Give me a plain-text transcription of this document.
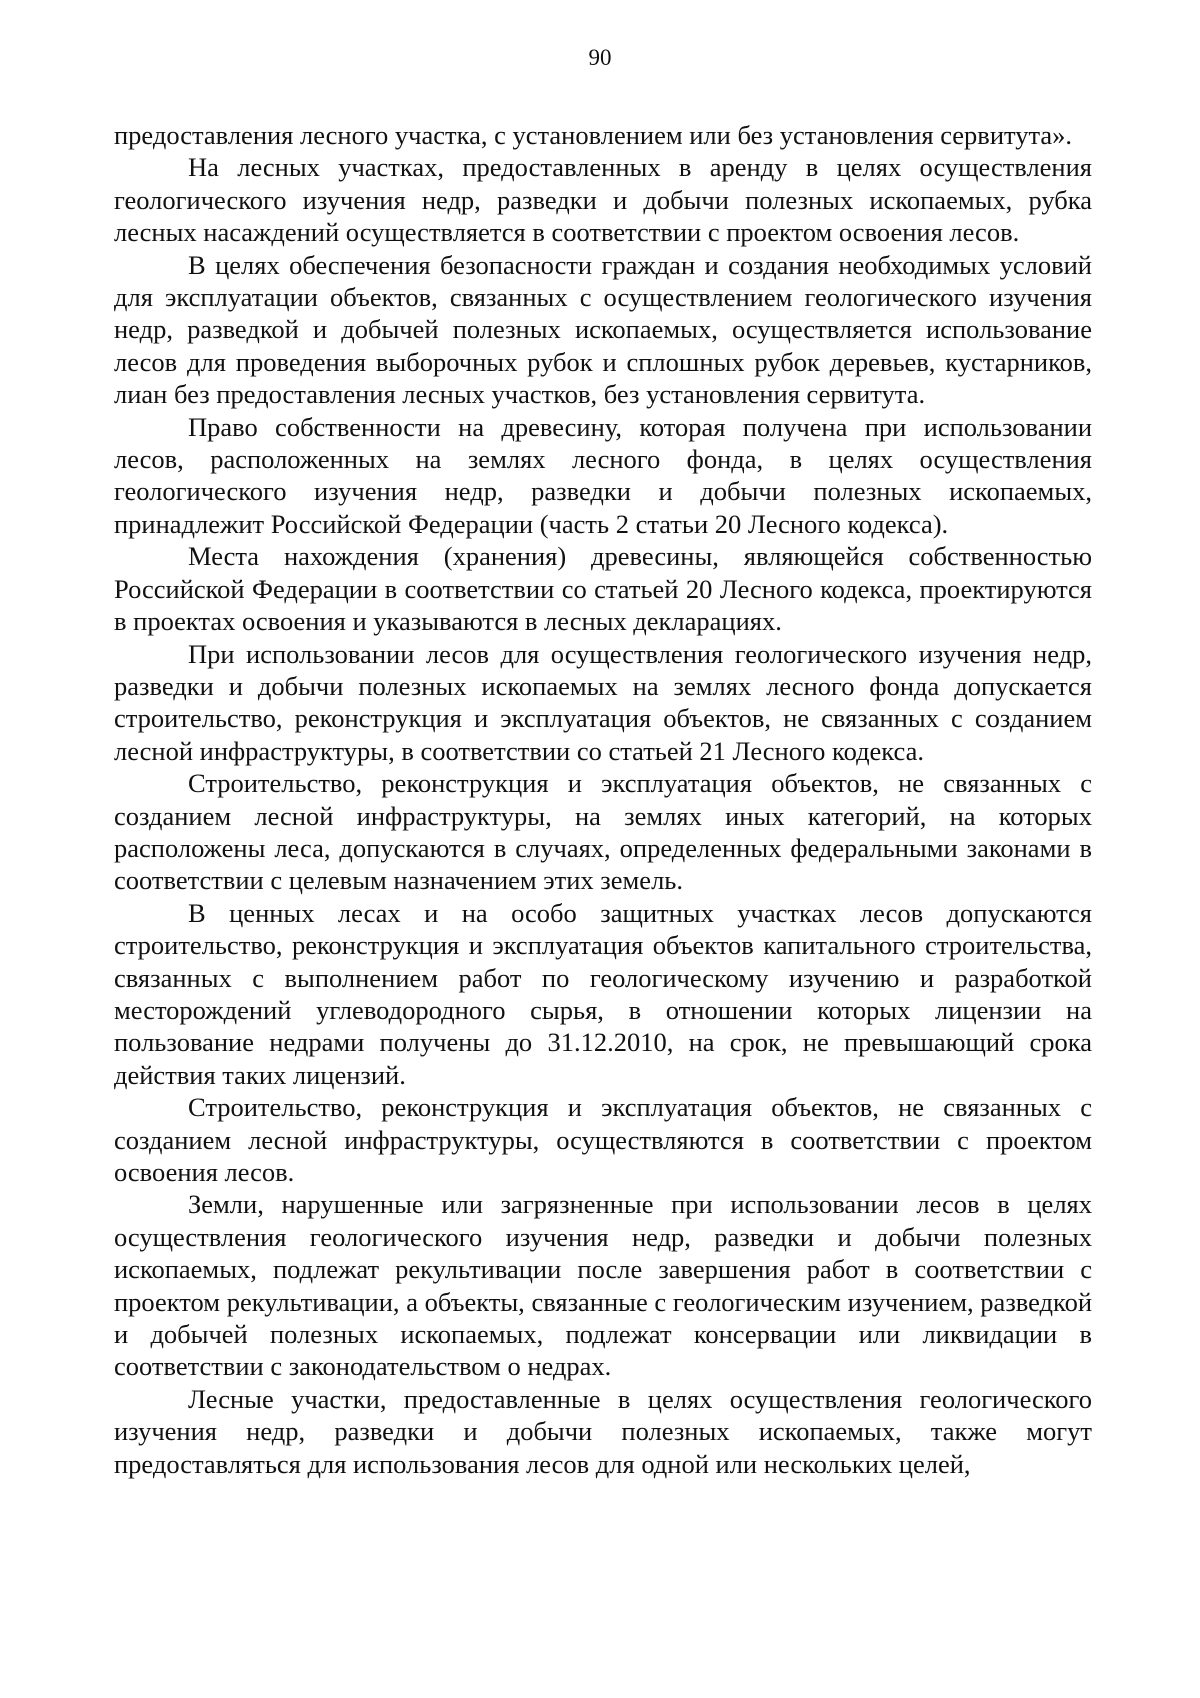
90

предоставления лесного участка, с установлением или без установления сервитута».

На лесных участках, предоставленных в аренду в целях осуществления геологического изучения недр, разведки и добычи полезных ископаемых, рубка лесных насаждений осуществляется в соответствии с проектом освоения лесов.

В целях обеспечения безопасности граждан и создания необходимых условий для эксплуатации объектов, связанных с осуществлением геологического изучения недр, разведкой и добычей полезных ископаемых, осуществляется использование лесов для проведения выборочных рубок и сплошных рубок деревьев, кустарников, лиан без предоставления лесных участков, без установления сервитута.

Право собственности на древесину, которая получена при использовании лесов, расположенных на землях лесного фонда, в целях осуществления геологического изучения недр, разведки и добычи полезных ископаемых, принадлежит Российской Федерации (часть 2 статьи 20 Лесного кодекса).

Места нахождения (хранения) древесины, являющейся собственностью Российской Федерации в соответствии со статьей 20 Лесного кодекса, проектируются в проектах освоения и указываются в лесных декларациях.

При использовании лесов для осуществления геологического изучения недр, разведки и добычи полезных ископаемых на землях лесного фонда допускается строительство, реконструкция и эксплуатация объектов, не связанных с созданием лесной инфраструктуры, в соответствии со статьей 21 Лесного кодекса.

Строительство, реконструкция и эксплуатация объектов, не связанных с созданием лесной инфраструктуры, на землях иных категорий, на которых расположены леса, допускаются в случаях, определенных федеральными законами в соответствии с целевым назначением этих земель.

В ценных лесах и на особо защитных участках лесов допускаются строительство, реконструкция и эксплуатация объектов капитального строительства, связанных с выполнением работ по геологическому изучению и разработкой месторождений углеводородного сырья, в отношении которых лицензии на пользование недрами получены до 31.12.2010, на срок, не превышающий срока действия таких лицензий.

Строительство, реконструкция и эксплуатация объектов, не связанных с созданием лесной инфраструктуры, осуществляются в соответствии с проектом освоения лесов.

Земли, нарушенные или загрязненные при использовании лесов в целях осуществления геологического изучения недр, разведки и добычи полезных ископаемых, подлежат рекультивации после завершения работ в соответствии с проектом рекультивации, а объекты, связанные с геологическим изучением, разведкой и добычей полезных ископаемых, подлежат консервации или ликвидации в соответствии с законодательством о недрах.

Лесные участки, предоставленные в целях осуществления геологического изучения недр, разведки и добычи полезных ископаемых, также могут предоставляться для использования лесов для одной или нескольких целей,
